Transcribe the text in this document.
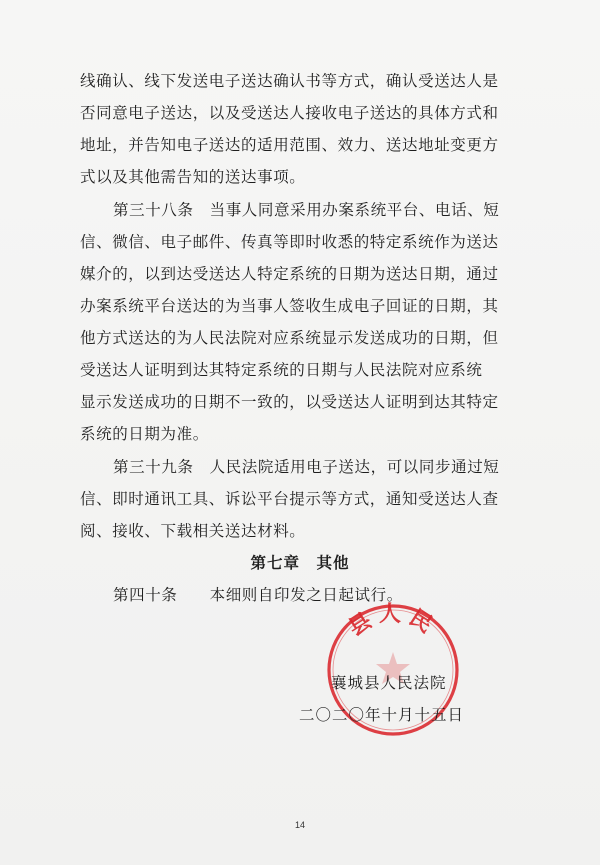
线确认、线下发送电子送达确认书等方式，确认受送达人是
否同意电子送达，以及受送达人接收电子送达的具体方式和
地址，并告知电子送达的适用范围、效力、送达地址变更方
式以及其他需告知的送达事项。
第三十八条　当事人同意采用办案系统平台、电话、短
信、微信、电子邮件、传真等即时收悉的特定系统作为送达
媒介的，以到达受送达人特定系统的日期为送达日期，通过
办案系统平台送达的为当事人签收生成电子回证的日期，其
他方式送达的为人民法院对应系统显示发送成功的日期，但
受送达人证明到达其特定系统的日期与人民法院对应系统
显示发送成功的日期不一致的，以受送达人证明到达其特定
系统的日期为准。
第三十九条　人民法院适用电子送达，可以同步通过短
信、即时通讯工具、诉讼平台提示等方式，通知受送达人查
阅、接收、下载相关送达材料。
第七章　其他
第四十条　　本细则自印发之日起试行。
县人民
襄城县人民法院
二〇二〇年十月十五日
14
